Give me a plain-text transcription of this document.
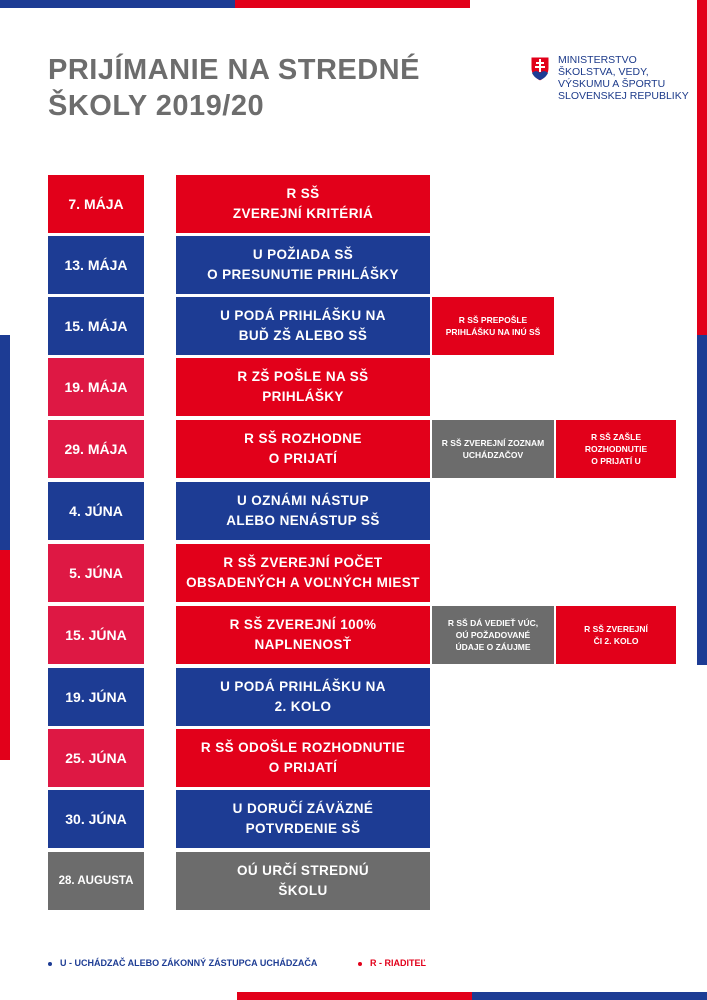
PRIJÍMANIE NA STREDNÉ
ŠKOLY 2019/20
MINISTERSTVO
ŠKOLSTVA, VEDY,
VÝSKUMU A ŠPORTU
SLOVENSKEJ REPUBLIKY
7. MÁJA
R SŠ
ZVEREJNÍ KRITÉRIÁ
13. MÁJA
U POŽIADA SŠ
O PRESUNUTIE PRIHLÁŠKY
15. MÁJA
U PODÁ PRIHLÁŠKU NA
BUĎ ZŠ ALEBO SŠ
R SŠ PREPOŠLE
PRIHLÁŠKU NA INÚ SŠ
19. MÁJA
R ZŠ POŠLE NA SŠ
PRIHLÁŠKY
29. MÁJA
R SŠ ROZHODNE
O PRIJATÍ
R SŠ ZVEREJNÍ ZOZNAM
UCHÁDZAČOV
R SŠ ZAŠLE
ROZHODNUTIE
O PRIJATÍ U
4. JÚNA
U OZNÁMI NÁSTUP
ALEBO NENÁSTUP SŠ
5. JÚNA
R SŠ ZVEREJNÍ POČET
OBSADENÝCH A VOĽNÝCH MIEST
15. JÚNA
R SŠ ZVEREJNÍ 100%
NAPLNENOSŤ
R SŠ DÁ VEDIEŤ VÚC,
OÚ POŽADOVANÉ
ÚDAJE O ZÁUJME
R SŠ ZVEREJNÍ
ČI 2. KOLO
19. JÚNA
U PODÁ PRIHLÁŠKU NA
2. KOLO
25. JÚNA
R SŠ ODOŠLE ROZHODNUTIE
O PRIJATÍ
30. JÚNA
U DORUČÍ ZÁVÄZNÉ
POTVRDENIE SŠ
28. AUGUSTA
OÚ URČÍ STREDNÚ
ŠKOLU
U - UCHÁDZAČ ALEBO ZÁKONNÝ ZÁSTUPCA UCHÁDZAČA	R - RIADITEĽ
